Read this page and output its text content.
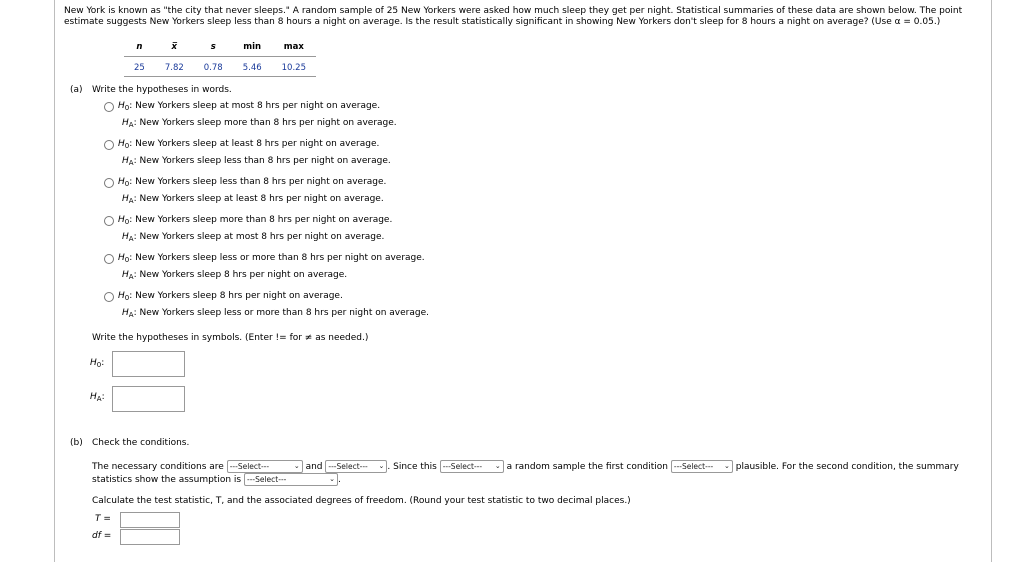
New York is known as "the city that never sleeps." A random sample of 25 New Yorkers were asked how much sleep they get per night. Statistical summaries of these data are shown below. The point
estimate suggests New Yorkers sleep less than 8 hours a night on average. Is the result statistically significant in showing New Yorkers don't sleep for 8 hours a night on average? (Use α = 0.05.)
n	x̅	s	min	max
25	7.82	0.78	5.46	10.25
(a) Write the hypotheses in words.
$H_0$: New Yorkers sleep at most 8 hrs per night on average.
$H_A$: New Yorkers sleep more than 8 hrs per night on average.
$H_0$: New Yorkers sleep at least 8 hrs per night on average.
$H_A$: New Yorkers sleep less than 8 hrs per night on average.
$H_0$: New Yorkers sleep less than 8 hrs per night on average.
$H_A$: New Yorkers sleep at least 8 hrs per night on average.
$H_0$: New Yorkers sleep more than 8 hrs per night on average.
$H_A$: New Yorkers sleep at most 8 hrs per night on average.
$H_0$: New Yorkers sleep less or more than 8 hrs per night on average.
$H_A$: New Yorkers sleep 8 hrs per night on average.
$H_0$: New Yorkers sleep 8 hrs per night on average.
$H_A$: New Yorkers sleep less or more than 8 hrs per night on average.
Write the hypotheses in symbols. (Enter != for ≠ as needed.)
$H_0$:
$H_A$:
(b) Check the conditions.
The necessary conditions are ---Select---	⌄ and ---Select--- ⌄ . Since this ---Select--- ⌄ a random sample the first condition ---Select--- ⌄ plausible. For the second condition, the summary
statistics show the assumption is ---Select---	⌄ .
Calculate the test statistic, T, and the associated degrees of freedom. (Round your test statistic to two decimal places.)
T =
df =
